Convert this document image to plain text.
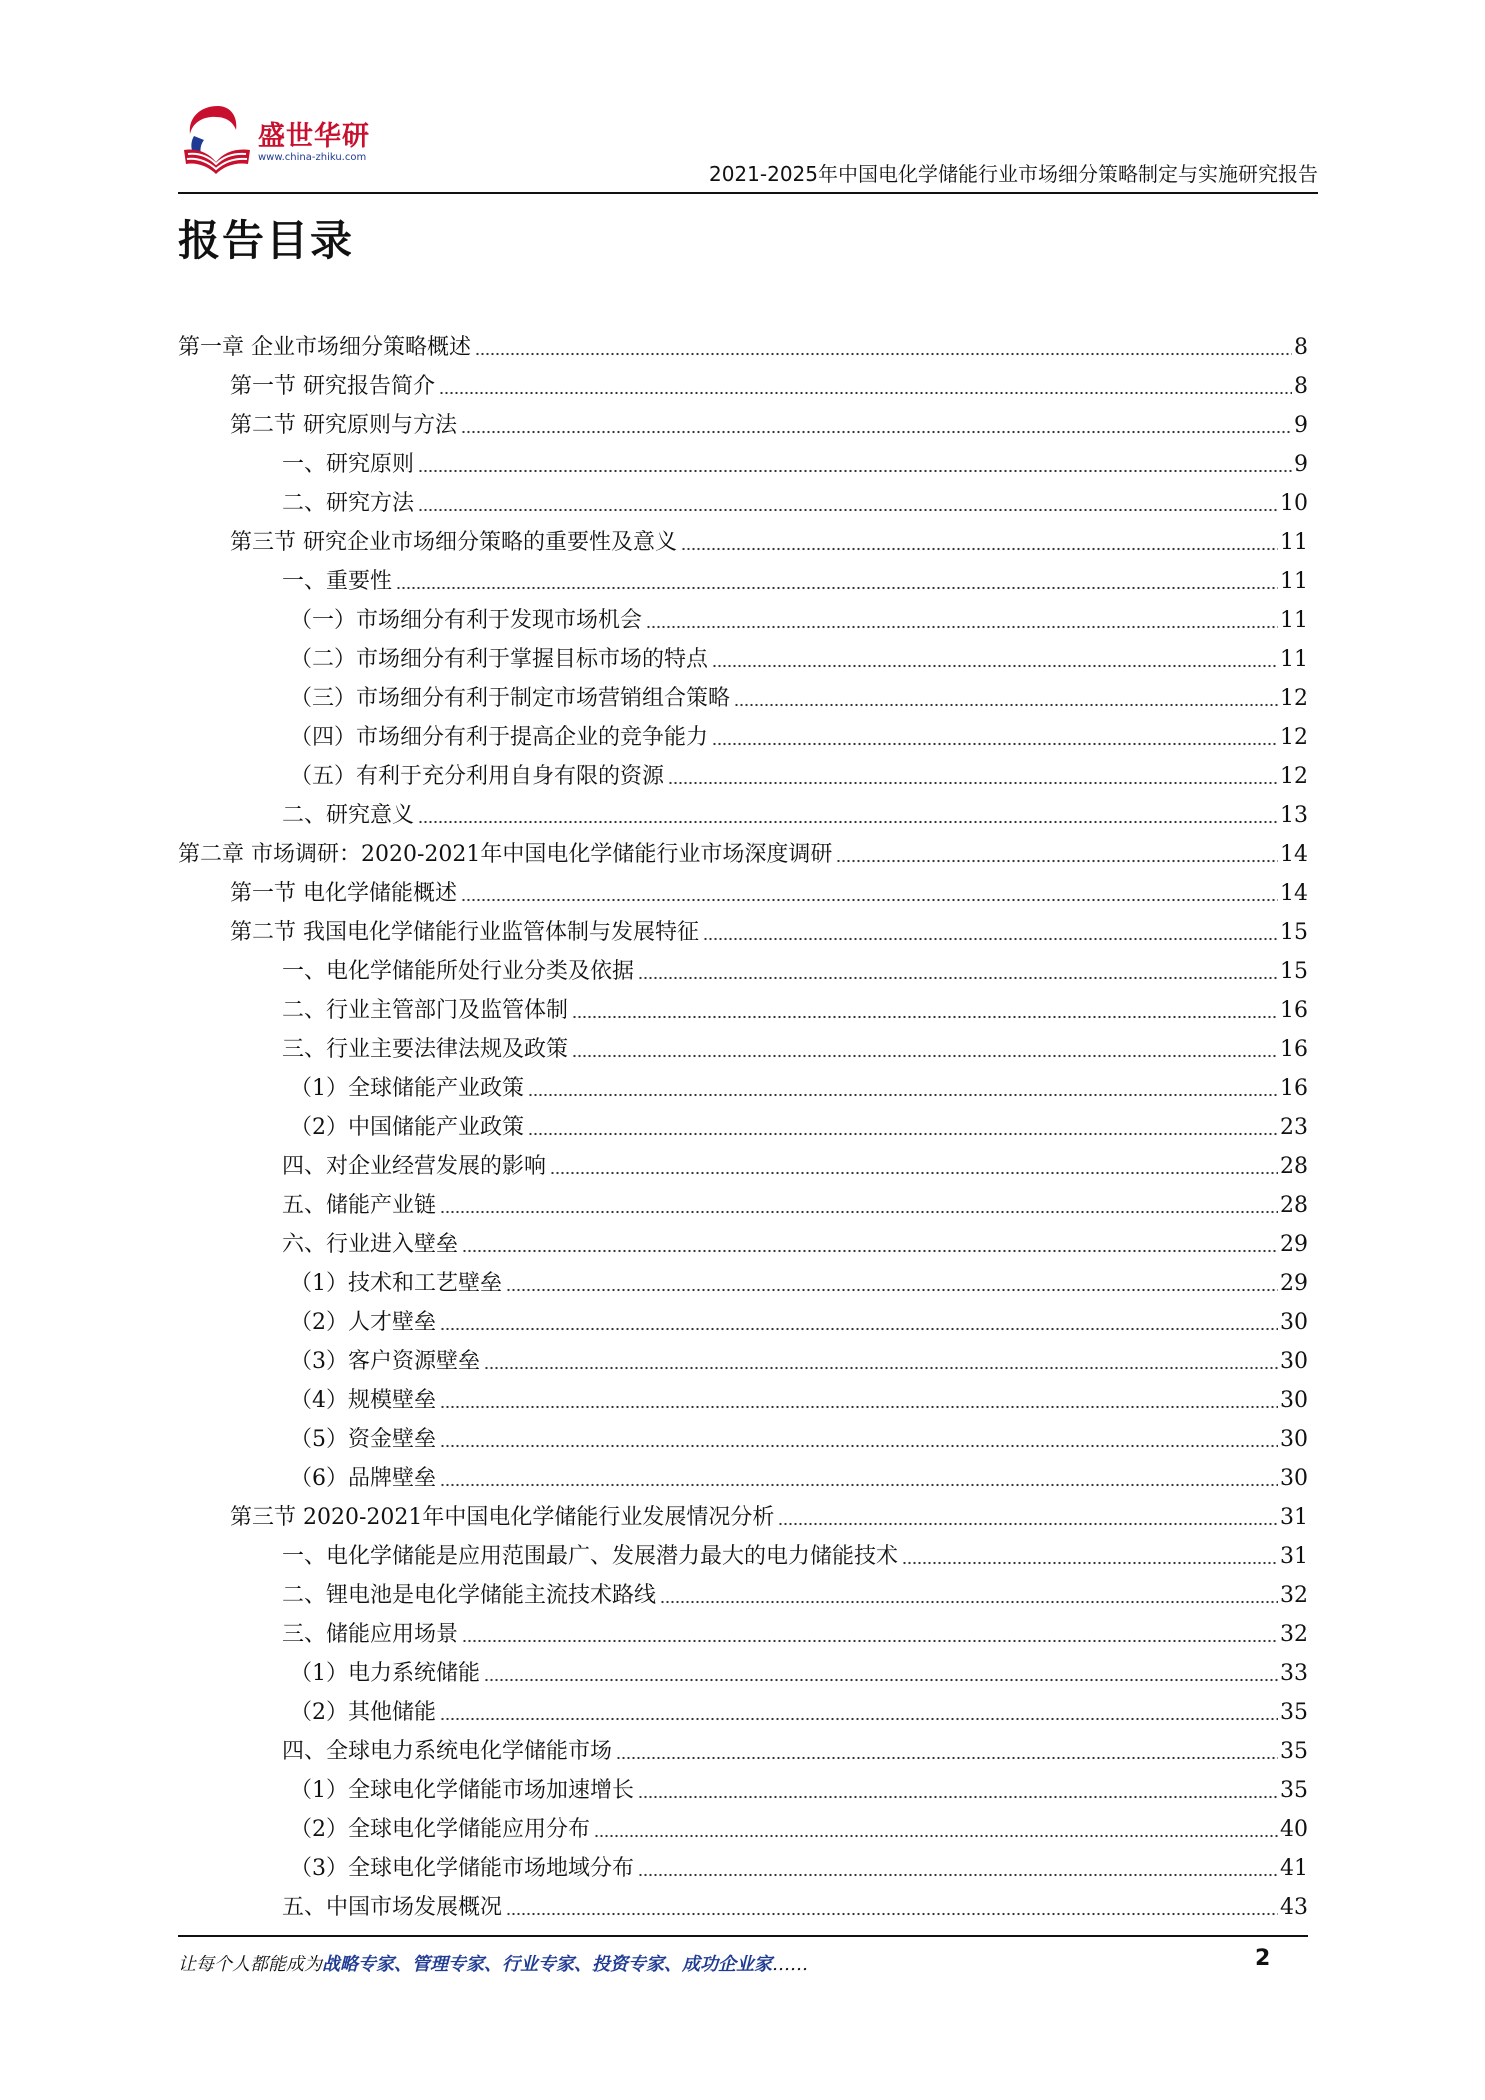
盛世华研
www.china-zhiku.com
2021-2025年中国电化学储能行业市场细分策略制定与实施研究报告
报告目录
第一章 企业市场细分策略概述	8
第一节 研究报告简介	8
第二节 研究原则与方法	9
一、研究原则	9
二、研究方法	10
第三节 研究企业市场细分策略的重要性及意义	11
一、重要性	11
（一）市场细分有利于发现市场机会	11
（二）市场细分有利于掌握目标市场的特点	11
（三）市场细分有利于制定市场营销组合策略	12
（四）市场细分有利于提高企业的竞争能力	12
（五）有利于充分利用自身有限的资源	12
二、研究意义	13
第二章 市场调研：2020-2021年中国电化学储能行业市场深度调研	14
第一节 电化学储能概述	14
第二节 我国电化学储能行业监管体制与发展特征	15
一、电化学储能所处行业分类及依据	15
二、行业主管部门及监管体制	16
三、行业主要法律法规及政策	16
（1）全球储能产业政策	16
（2）中国储能产业政策	23
四、对企业经营发展的影响	28
五、储能产业链	28
六、行业进入壁垒	29
（1）技术和工艺壁垒	29
（2）人才壁垒	30
（3）客户资源壁垒	30
（4）规模壁垒	30
（5）资金壁垒	30
（6）品牌壁垒	30
第三节 2020-2021年中国电化学储能行业发展情况分析	31
一、电化学储能是应用范围最广、发展潜力最大的电力储能技术	31
二、锂电池是电化学储能主流技术路线	32
三、储能应用场景	32
（1）电力系统储能	33
（2）其他储能	35
四、全球电力系统电化学储能市场	35
（1）全球电化学储能市场加速增长	35
（2）全球电化学储能应用分布	40
（3）全球电化学储能市场地域分布	41
五、中国市场发展概况	43
让每个人都能成为战略专家、管理专家、行业专家、投资专家、成功企业家……	2
